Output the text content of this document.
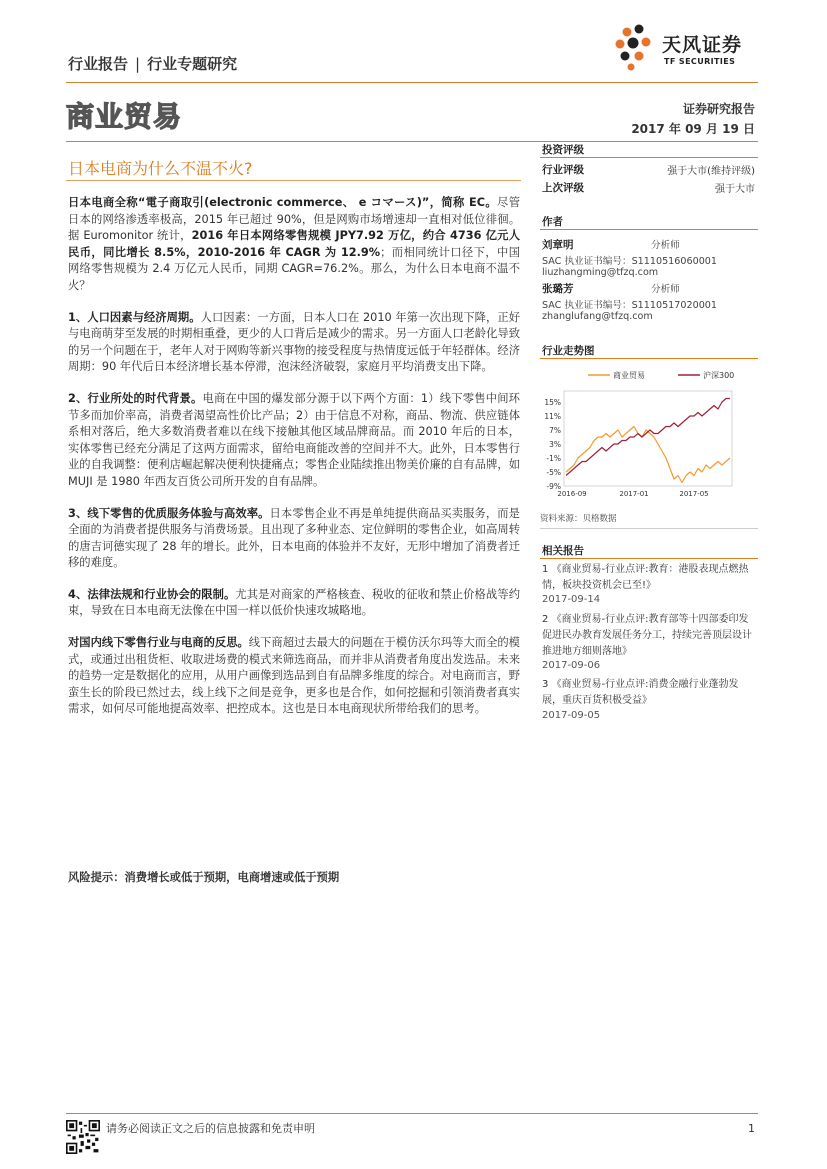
行业报告 | 行业专题研究
天风证券
TF SECURITIES
商业贸易	证券研究报告
2017 年 09 月 19 日
日本电商为什么不温不火?

日本电商全称“電子商取引(electronic commerce、 e コマース)”，简称 EC。尽管日本的网络渗透率极高，2015 年已超过 90%，但是网购市场增速却一直相对低位徘徊。据 Euromonitor 统计，2016 年日本网络零售规模 JPY7.92 万亿，约合 4736 亿元人民币，同比增长 8.5%，2010-2016 年 CAGR 为 12.9%；而相同统计口径下，中国网络零售规模为 2.4 万亿元人民币，同期 CAGR=76.2%。那么，为什么日本电商不温不火？

1、人口因素与经济周期。人口因素：一方面，日本人口在 2010 年第一次出现下降，正好与电商萌芽至发展的时期相重叠，更少的人口背后是减少的需求。另一方面人口老龄化导致的另一个问题在于，老年人对于网购等新兴事物的接受程度与热情度远低于年轻群体。经济周期：90 年代后日本经济增长基本停滞，泡沫经济破裂，家庭月平均消费支出下降。

2、行业所处的时代背景。电商在中国的爆发部分源于以下两个方面：1）线下零售中间环节多而加价率高，消费者渴望高性价比产品；2）由于信息不对称，商品、物流、供应链体系相对落后，绝大多数消费者难以在线下接触其他区域品牌商品。而 2010 年后的日本，实体零售已经充分满足了这两方面需求，留给电商能改善的空间并不大。此外，日本零售行业的自我调整：便利店崛起解决便利快捷痛点；零售企业陆续推出物美价廉的自有品牌，如 MUJI 是 1980 年西友百货公司所开发的自有品牌。

3、线下零售的优质服务体验与高效率。日本零售企业不再是单纯提供商品买卖服务，而是全面的为消费者提供服务与消费场景。且出现了多种业态、定位鲜明的零售企业，如高周转的唐吉诃德实现了 28 年的增长。此外，日本电商的体验并不友好，无形中增加了消费者迁移的难度。

4、法律法规和行业协会的限制。尤其是对商家的严格核查、税收的征收和禁止价格战等约束，导致在日本电商无法像在中国一样以低价快速攻城略地。

对国内线下零售行业与电商的反思。线下商超过去最大的问题在于模仿沃尔玛等大而全的模式，或通过出租货柜、收取进场费的模式来筛选商品，而并非从消费者角度出发选品。未来的趋势一定是数据化的应用，从用户画像到选品到自有品牌多维度的综合。对电商而言，野蛮生长的阶段已然过去，线上线下之间是竞争，更多也是合作，如何挖掘和引领消费者真实需求，如何尽可能地提高效率、把控成本。这也是日本电商现状所带给我们的思考。

风险提示：消费增长或低于预期，电商增速或低于预期
投资评级
行业评级	强于大市(维持评级)
上次评级	强于大市
作者
刘章明	分析师
SAC 执业证书编号：S1110516060001
liuzhangming@tfzq.com
张璐芳	分析师
SAC 执业证书编号：S1110517020001
zhanglufang@tfzq.com
行业走势图
15%
11%
7%
3%
-1%
-5%
-9%
2016-09	2017-01	2017-05
商业贸易	沪深300
资料来源：贝格数据
相关报告
1 《商业贸易-行业点评:教育：港股表现点燃热情，板块投资机会已至!》
2017-09-14
2 《商业贸易-行业点评:教育部等十四部委印发促进民办教育发展任务分工，持续完善顶层设计推进地方细则落地》
2017-09-06
3 《商业贸易-行业点评:消费金融行业蓬勃发展，重庆百货积极受益》
2017-09-05
请务必阅读正文之后的信息披露和免责申明	1
